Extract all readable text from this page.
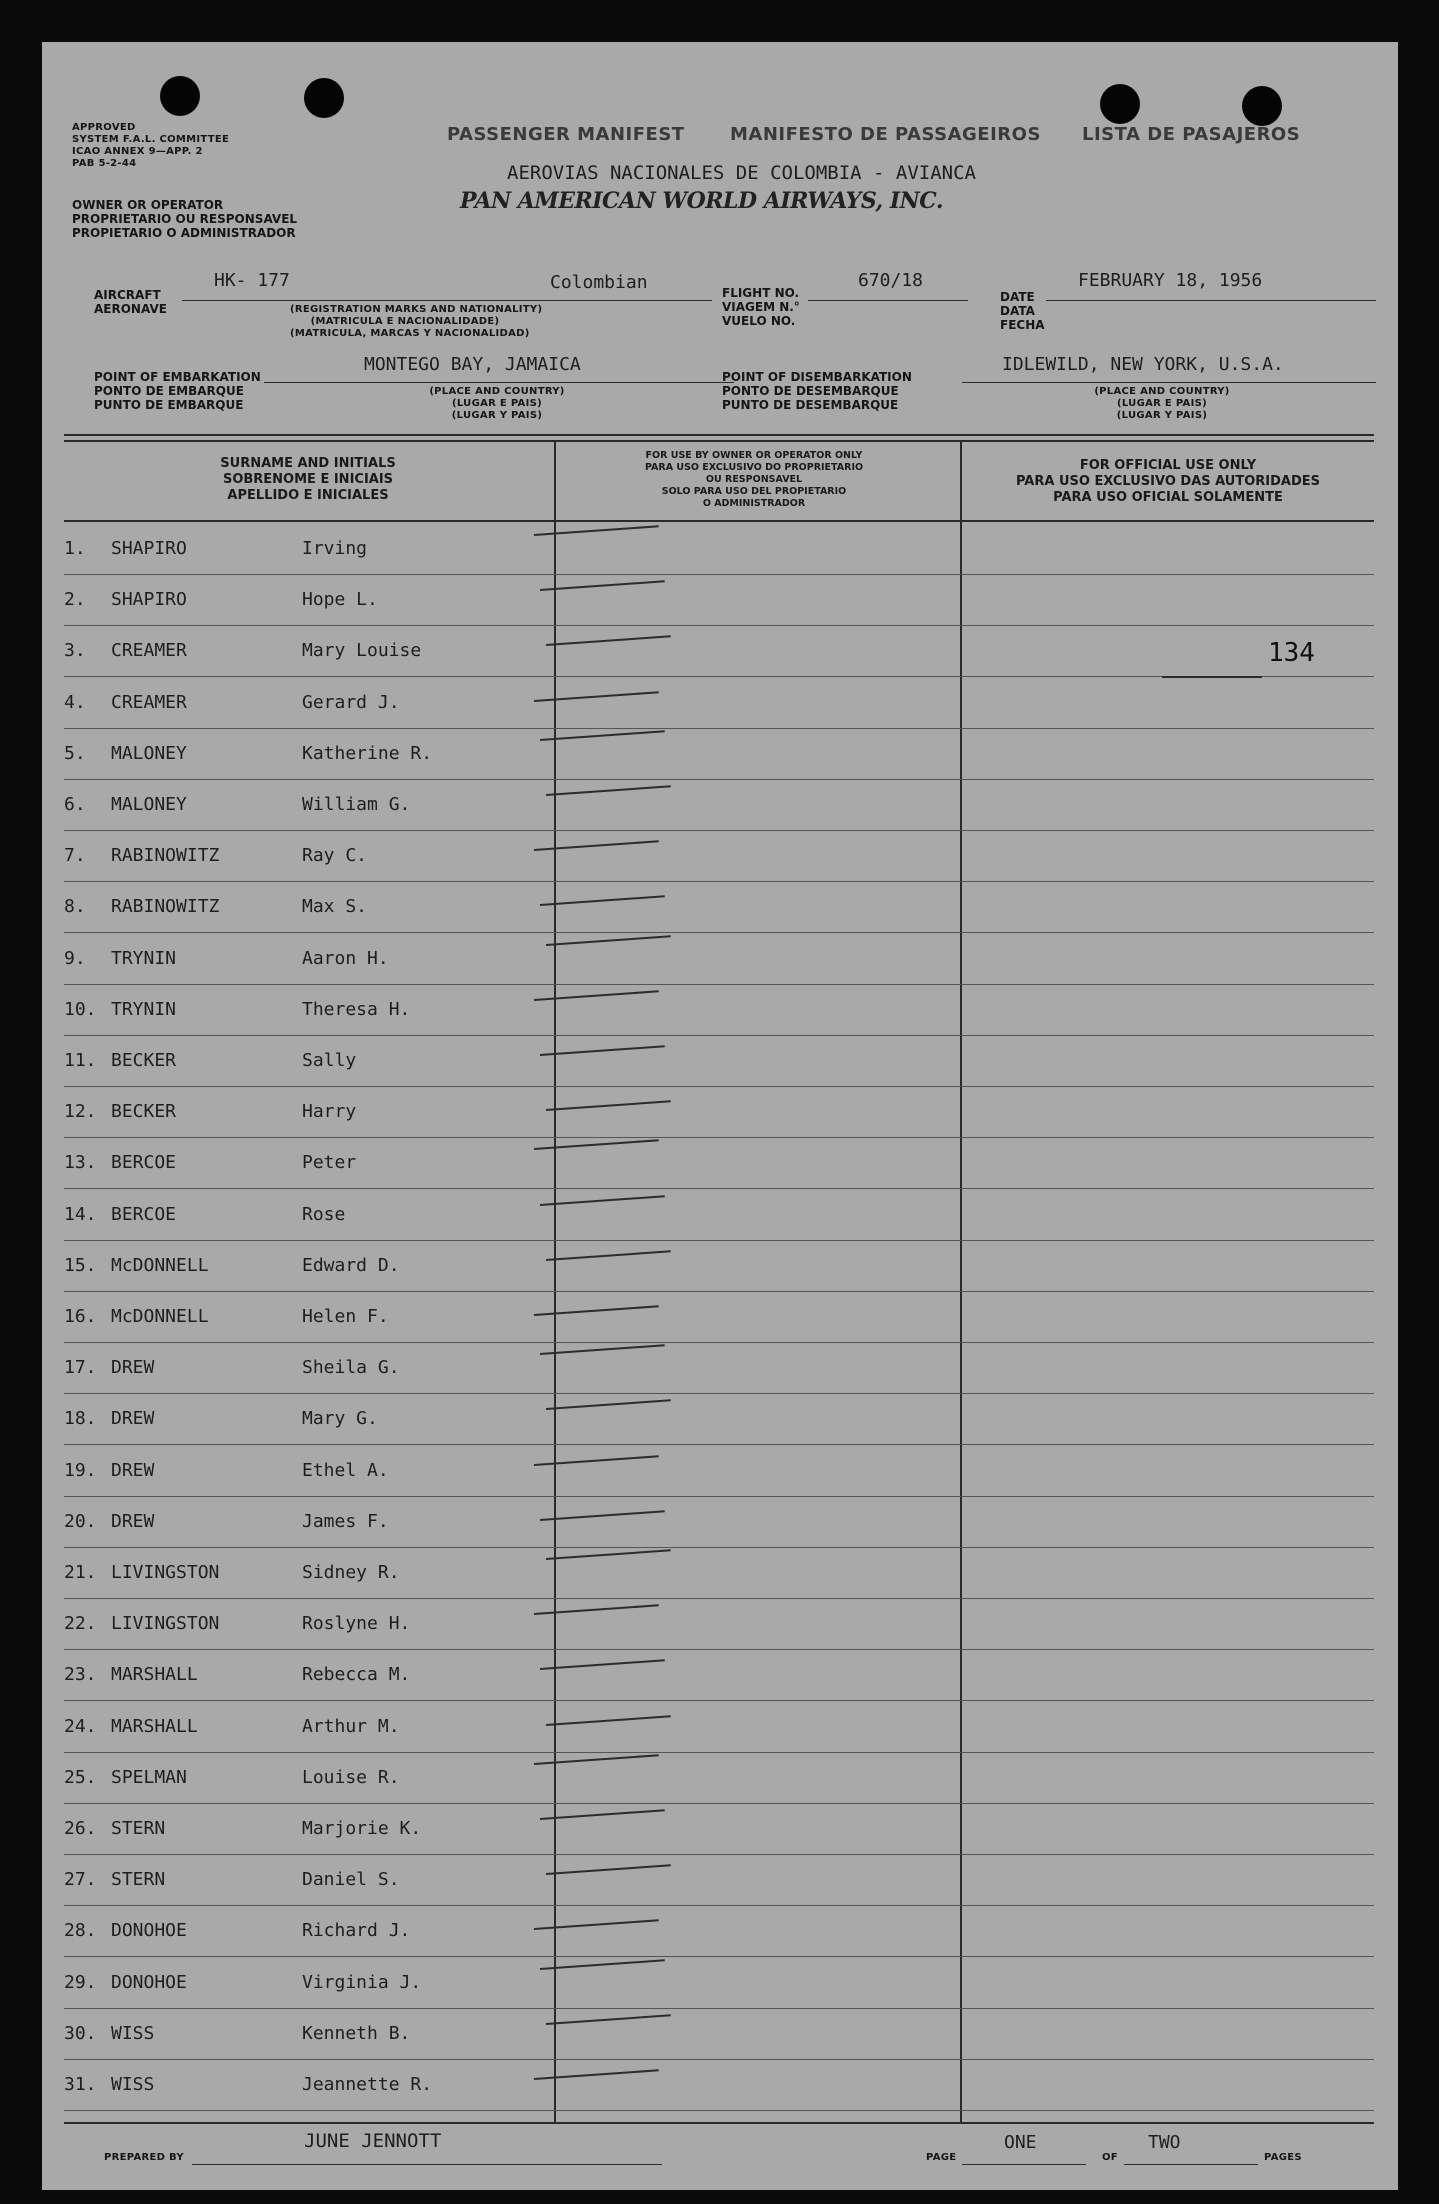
APPROVED
SYSTEM F.A.L. COMMITTEE
ICAO ANNEX 9—APP. 2
PAB 5-2-44
OWNER OR OPERATOR
PROPRIETARIO OU RESPONSAVEL
PROPIETARIO O ADMINISTRADOR
PASSENGER MANIFEST	MANIFESTO DE PASSAGEIROS LISTA DE PASAJEROS
AEROVIAS NACIONALES DE COLOMBIA - AVIANCA
PAN AMERICAN WORLD AIRWAYS, INC.
AIRCRAFT
AERONAVE
HK- 177	Colombian
(REGISTRATION MARKS AND NATIONALITY)
(MATRICULA E NACIONALIDADE)
(MATRICULA, MARCAS Y NACIONALIDAD)
FLIGHT NO.
VIAGEM N.°
VUELO NO.
670/18
DATE
DATA
FECHA
FEBRUARY 18, 1956
POINT OF EMBARKATION
PONTO DE EMBARQUE
PUNTO DE EMBARQUE
MONTEGO BAY, JAMAICA
(PLACE AND COUNTRY)
(LUGAR E PAIS)
(LUGAR Y PAIS)
POINT OF DISEMBARKATION
PONTO DE DESEMBARQUE
PUNTO DE DESEMBARQUE
IDLEWILD, NEW YORK, U.S.A.
(PLACE AND COUNTRY)
(LUGAR E PAIS)
(LUGAR Y PAIS)
SURNAME AND INITIALS
SOBRENOME E INICIAIS
APELLIDO E INICIALES
FOR USE BY OWNER OR OPERATOR ONLY
PARA USO EXCLUSIVO DO PROPRIETARIO
OU RESPONSAVEL
SOLO PARA USO DEL PROPIETARIO
O ADMINISTRADOR
FOR OFFICIAL USE ONLY
PARA USO EXCLUSIVO DAS AUTORIDADES
PARA USO OFICIAL SOLAMENTE
1.	SHAPIRO	Irving
2.	SHAPIRO	Hope L.
3.	CREAMER	Mary Louise
4.	CREAMER	Gerard J.
5.	MALONEY	Katherine R.
6.	MALONEY	William G.
7.	RABINOWITZ	Ray C.
8.	RABINOWITZ	Max S.
9.	TRYNIN	Aaron H.
10. TRYNIN	Theresa H.
11. BECKER	Sally
12. BECKER	Harry
13. BERCOE	Peter
14. BERCOE	Rose
15. McDONNELL	Edward D.
16. McDONNELL	Helen F.
17. DREW	Sheila G.
18. DREW	Mary G.
19. DREW	Ethel A.
20. DREW	James F.
21. LIVINGSTON	Sidney R.
22. LIVINGSTON	Roslyne H.
23. MARSHALL	Rebecca M.
24. MARSHALL	Arthur M.
25. SPELMAN	Louise R.
26. STERN	Marjorie K.
27. STERN	Daniel S.
28. DONOHOE	Richard J.
29. DONOHOE	Virginia J.
30. WISS	Kenneth B.
31. WISS	Jeannette R.
134
PREPARED BY
JUNE JENNOTT
PAGE
ONE
OF
TWO
PAGES
